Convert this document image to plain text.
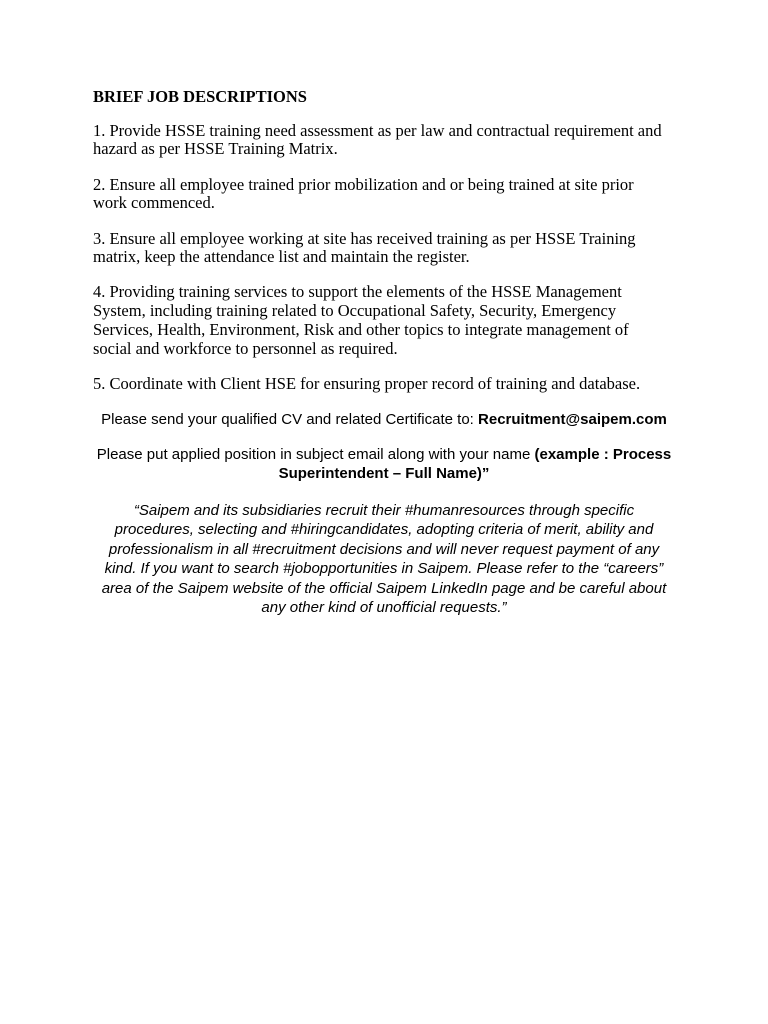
BRIEF JOB DESCRIPTIONS
1. Provide HSSE training need assessment as per law and contractual requirement and
hazard as per HSSE Training Matrix.
2. Ensure all employee trained prior mobilization and or being trained at site prior
work commenced.
3. Ensure all employee working at site has received training as per HSSE Training
matrix, keep the attendance list and maintain the register.
4. Providing training services to support the elements of the HSSE Management
System, including training related to Occupational Safety, Security, Emergency
Services, Health, Environment, Risk and other topics to integrate management of
social and workforce to personnel as required.
5. Coordinate with Client HSE for ensuring proper record of training and database.
Please send your qualified CV and related Certificate to: Recruitment@saipem.com
Please put applied position in subject email along with your name (example : Process
Superintendent – Full Name)”
“Saipem and its subsidiaries recruit their #humanresources through specific
procedures, selecting and #hiringcandidates, adopting criteria of merit, ability and
professionalism in all #recruitment decisions and will never request payment of any
kind. If you want to search #jobopportunities in Saipem. Please refer to the “careers”
area of the Saipem website of the official Saipem LinkedIn page and be careful about
any other kind of unofficial requests.”
